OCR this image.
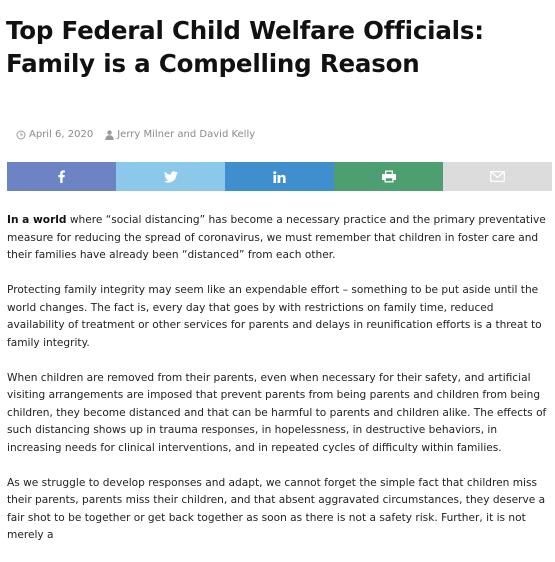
Top Federal Child Welfare Officials: Family is a Compelling Reason
April 6, 2020 Jerry Milner and David Kelly

In a world where “social distancing” has become a necessary practice and the primary preventative measure for reducing the spread of coronavirus, we must remember that children in foster care and their families have already been “distanced” from each other.

Protecting family integrity may seem like an expendable effort – something to be put aside until the world changes. The fact is, every day that goes by with restrictions on family time, reduced availability of treatment or other services for parents and delays in reunification efforts is a threat to family integrity.

When children are removed from their parents, even when necessary for their safety, and artificial visiting arrangements are imposed that prevent parents from being parents and children from being children, they become distanced and that can be harmful to parents and children alike. The effects of such distancing shows up in trauma responses, in hopelessness, in destructive behaviors, in increasing needs for clinical interventions, and in repeated cycles of difficulty within families.

As we struggle to develop responses and adapt, we cannot forget the simple fact that children miss their parents, parents miss their children, and that absent aggravated circumstances, they deserve a fair shot to be together or get back together as soon as there is not a safety risk. Further, it is not merely a
